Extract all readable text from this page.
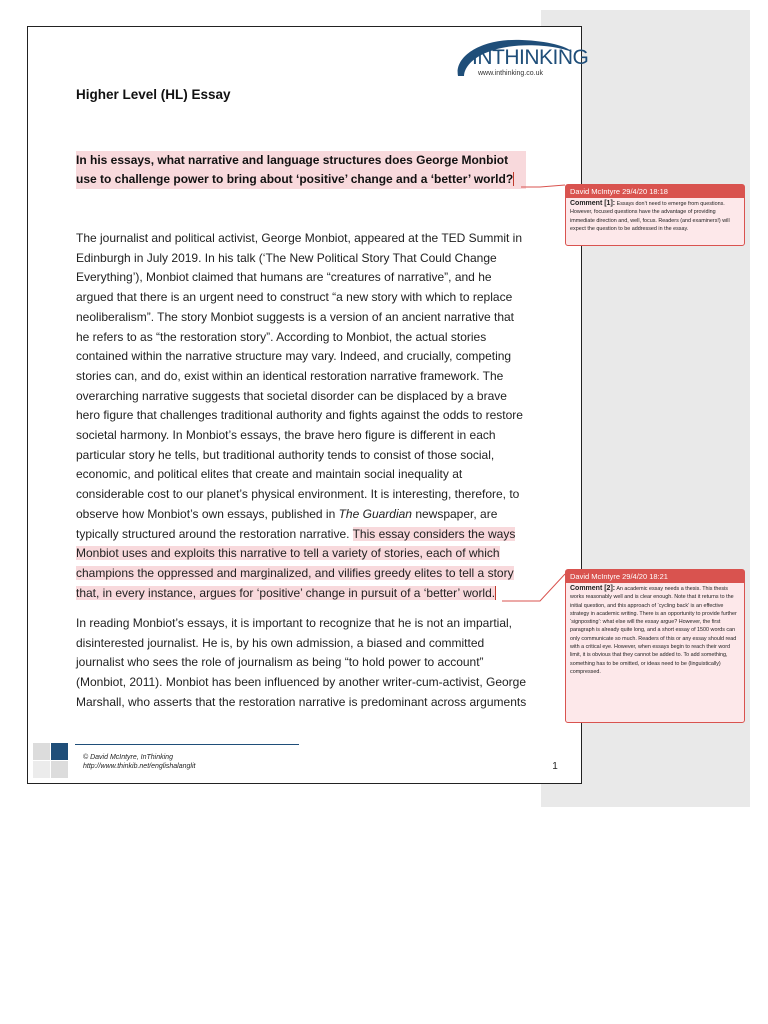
INTHINKING
www.inthinking.co.uk
Higher Level (HL) Essay
In his essays, what narrative and language structures does George Monbiot
use to challenge power to bring about ‘positive’ change and a ‘better’ world?
The journalist and political activist, George Monbiot, appeared at the TED Summit in
Edinburgh in July 2019. In his talk (‘The New Political Story That Could Change
Everything’), Monbiot claimed that humans are “creatures of narrative”, and he
argued that there is an urgent need to construct “a new story with which to replace
neoliberalism”. The story Monbiot suggests is a version of an ancient narrative that
he refers to as “the restoration story”. According to Monbiot, the actual stories
contained within the narrative structure may vary. Indeed, and crucially, competing
stories can, and do, exist within an identical restoration narrative framework. The
overarching narrative suggests that societal disorder can be displaced by a brave
hero figure that challenges traditional authority and fights against the odds to restore
societal harmony. In Monbiot’s essays, the brave hero figure is different in each
particular story he tells, but traditional authority tends to consist of those social,
economic, and political elites that create and maintain social inequality at
considerable cost to our planet’s physical environment. It is interesting, therefore, to
observe how Monbiot’s own essays, published in The Guardian newspaper, are
typically structured around the restoration narrative. This essay considers the ways
Monbiot uses and exploits this narrative to tell a variety of stories, each of which
champions the oppressed and marginalized, and vilifies greedy elites to tell a story
that, in every instance, argues for ‘positive’ change in pursuit of a ‘better’ world.
In reading Monbiot’s essays, it is important to recognize that he is not an impartial,
disinterested journalist. He is, by his own admission, a biased and committed
journalist who sees the role of journalism as being “to hold power to account”
(Monbiot, 2011). Monbiot has been influenced by another writer-cum-activist, George
Marshall, who asserts that the restoration narrative is predominant across arguments
© David McIntyre, InThinking
http://www.thinkib.net/englishalanglit	1
David McIntyre 29/4/20 18:18
Comment [1]: Essays don’t need to emerge from questions. However, focused questions have the advantage of providing immediate direction and, well, focus. Readers (and examiners!) will expect the question to be addressed in the essay.
David McIntyre 29/4/20 18:21
Comment [2]: An academic essay needs a thesis. This thesis works reasonably well and is clear enough. Note that it returns to the initial question, and this approach of ‘cycling back’ is an effective strategy in academic writing. There is an opportunity to provide further ‘signposting’: what else will the essay argue? However, the first paragraph is already quite long, and a short essay of 1500 words can only communicate so much. Readers of this or any essay should read with a critical eye. However, when essays begin to reach their word limit, it is obvious that they cannot be added to. To add something, something has to be omitted, or ideas need to be (linguistically) compressed.
